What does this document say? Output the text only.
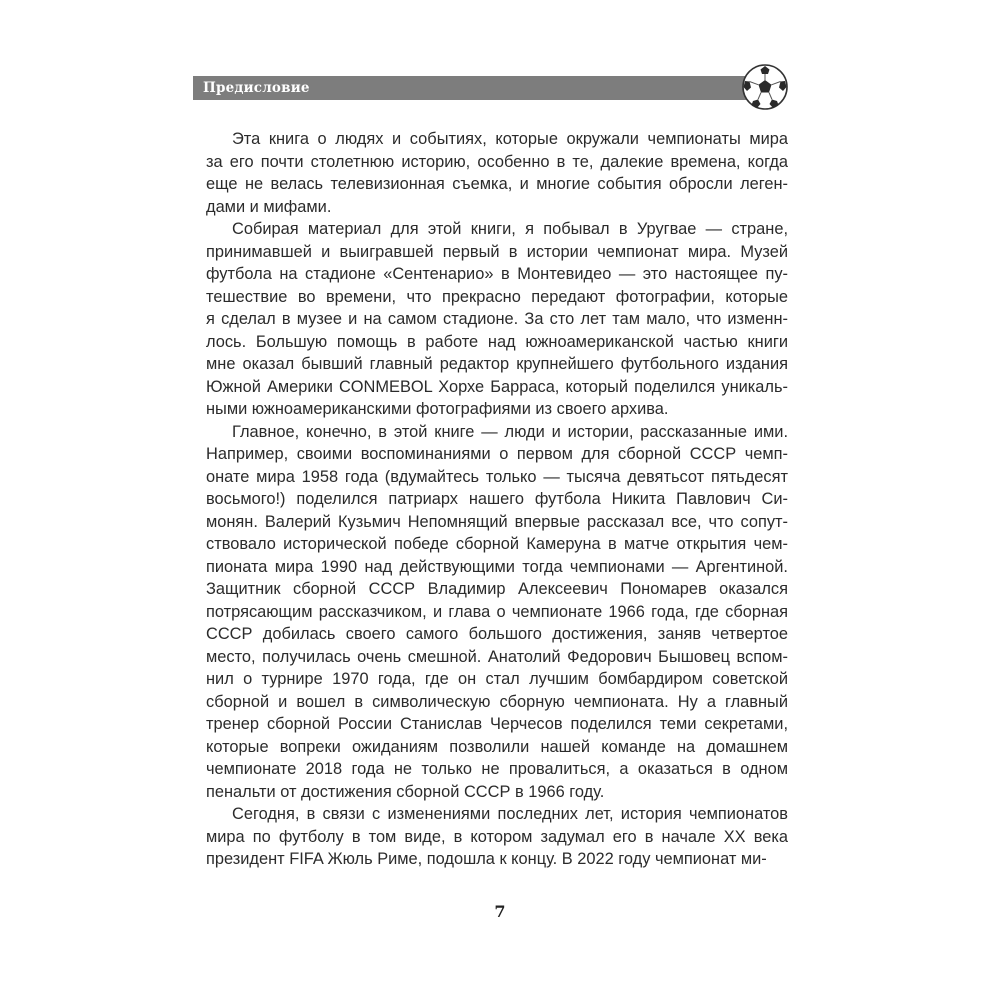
Предисловие
Эта книга о людях и событиях, которые окружали чемпионаты мира
за его почти столетнюю историю, особенно в те, далекие времена, когда
еще не велась телевизионная съемка, и многие события обросли леген-
дами и мифами.
Собирая материал для этой книги, я побывал в Уругвае — стране,
принимавшей и выигравшей первый в истории чемпионат мира. Музей
футбола на стадионе «Сентенарио» в Монтевидео — это настоящее пу-
тешествие во времени, что прекрасно передают фотографии, которые
я сделал в музее и на самом стадионе. За сто лет там мало, что изменн-
лось. Большую помощь в работе над южноамериканской частью книги
мне оказал бывший главный редактор крупнейшего футбольного издания
Южной Америки CONMEBOL Хорхе Барраса, который поделился уникаль-
ными южноамериканскими фотографиями из своего архива.
Главное, конечно, в этой книге — люди и истории, рассказанные ими.
Например, своими воспоминаниями о первом для сборной СССР чемп-
онате мира 1958 года (вдумайтесь только — тысяча девятьсот пятьдесят
восьмого!) поделился патриарх нашего футбола Никита Павлович Си-
монян. Валерий Кузьмич Непомнящий впервые рассказал все, что сопут-
ствовало исторической победе сборной Камеруна в матче открытия чем-
пионата мира 1990 над действующими тогда чемпионами — Аргентиной.
Защитник сборной СССР Владимир Алексеевич Пономарев оказался
потрясающим рассказчиком, и глава о чемпионате 1966 года, где сборная
СССР добилась своего самого большого достижения, заняв четвертое
место, получилась очень смешной. Анатолий Федорович Бышовец вспом-
нил о турнире 1970 года, где он стал лучшим бомбардиром советской
сборной и вошел в символическую сборную чемпионата. Ну а главный
тренер сборной России Станислав Черчесов поделился теми секретами,
которые вопреки ожиданиям позволили нашей команде на домашнем
чемпионате 2018 года не только не провалиться, а оказаться в одном
пенальти от достижения сборной СССР в 1966 году.
Сегодня, в связи с изменениями последних лет, история чемпионатов
мира по футболу в том виде, в котором задумал его в начале XX века
президент FIFA Жюль Риме, подошла к концу. В 2022 году чемпионат ми-
7
